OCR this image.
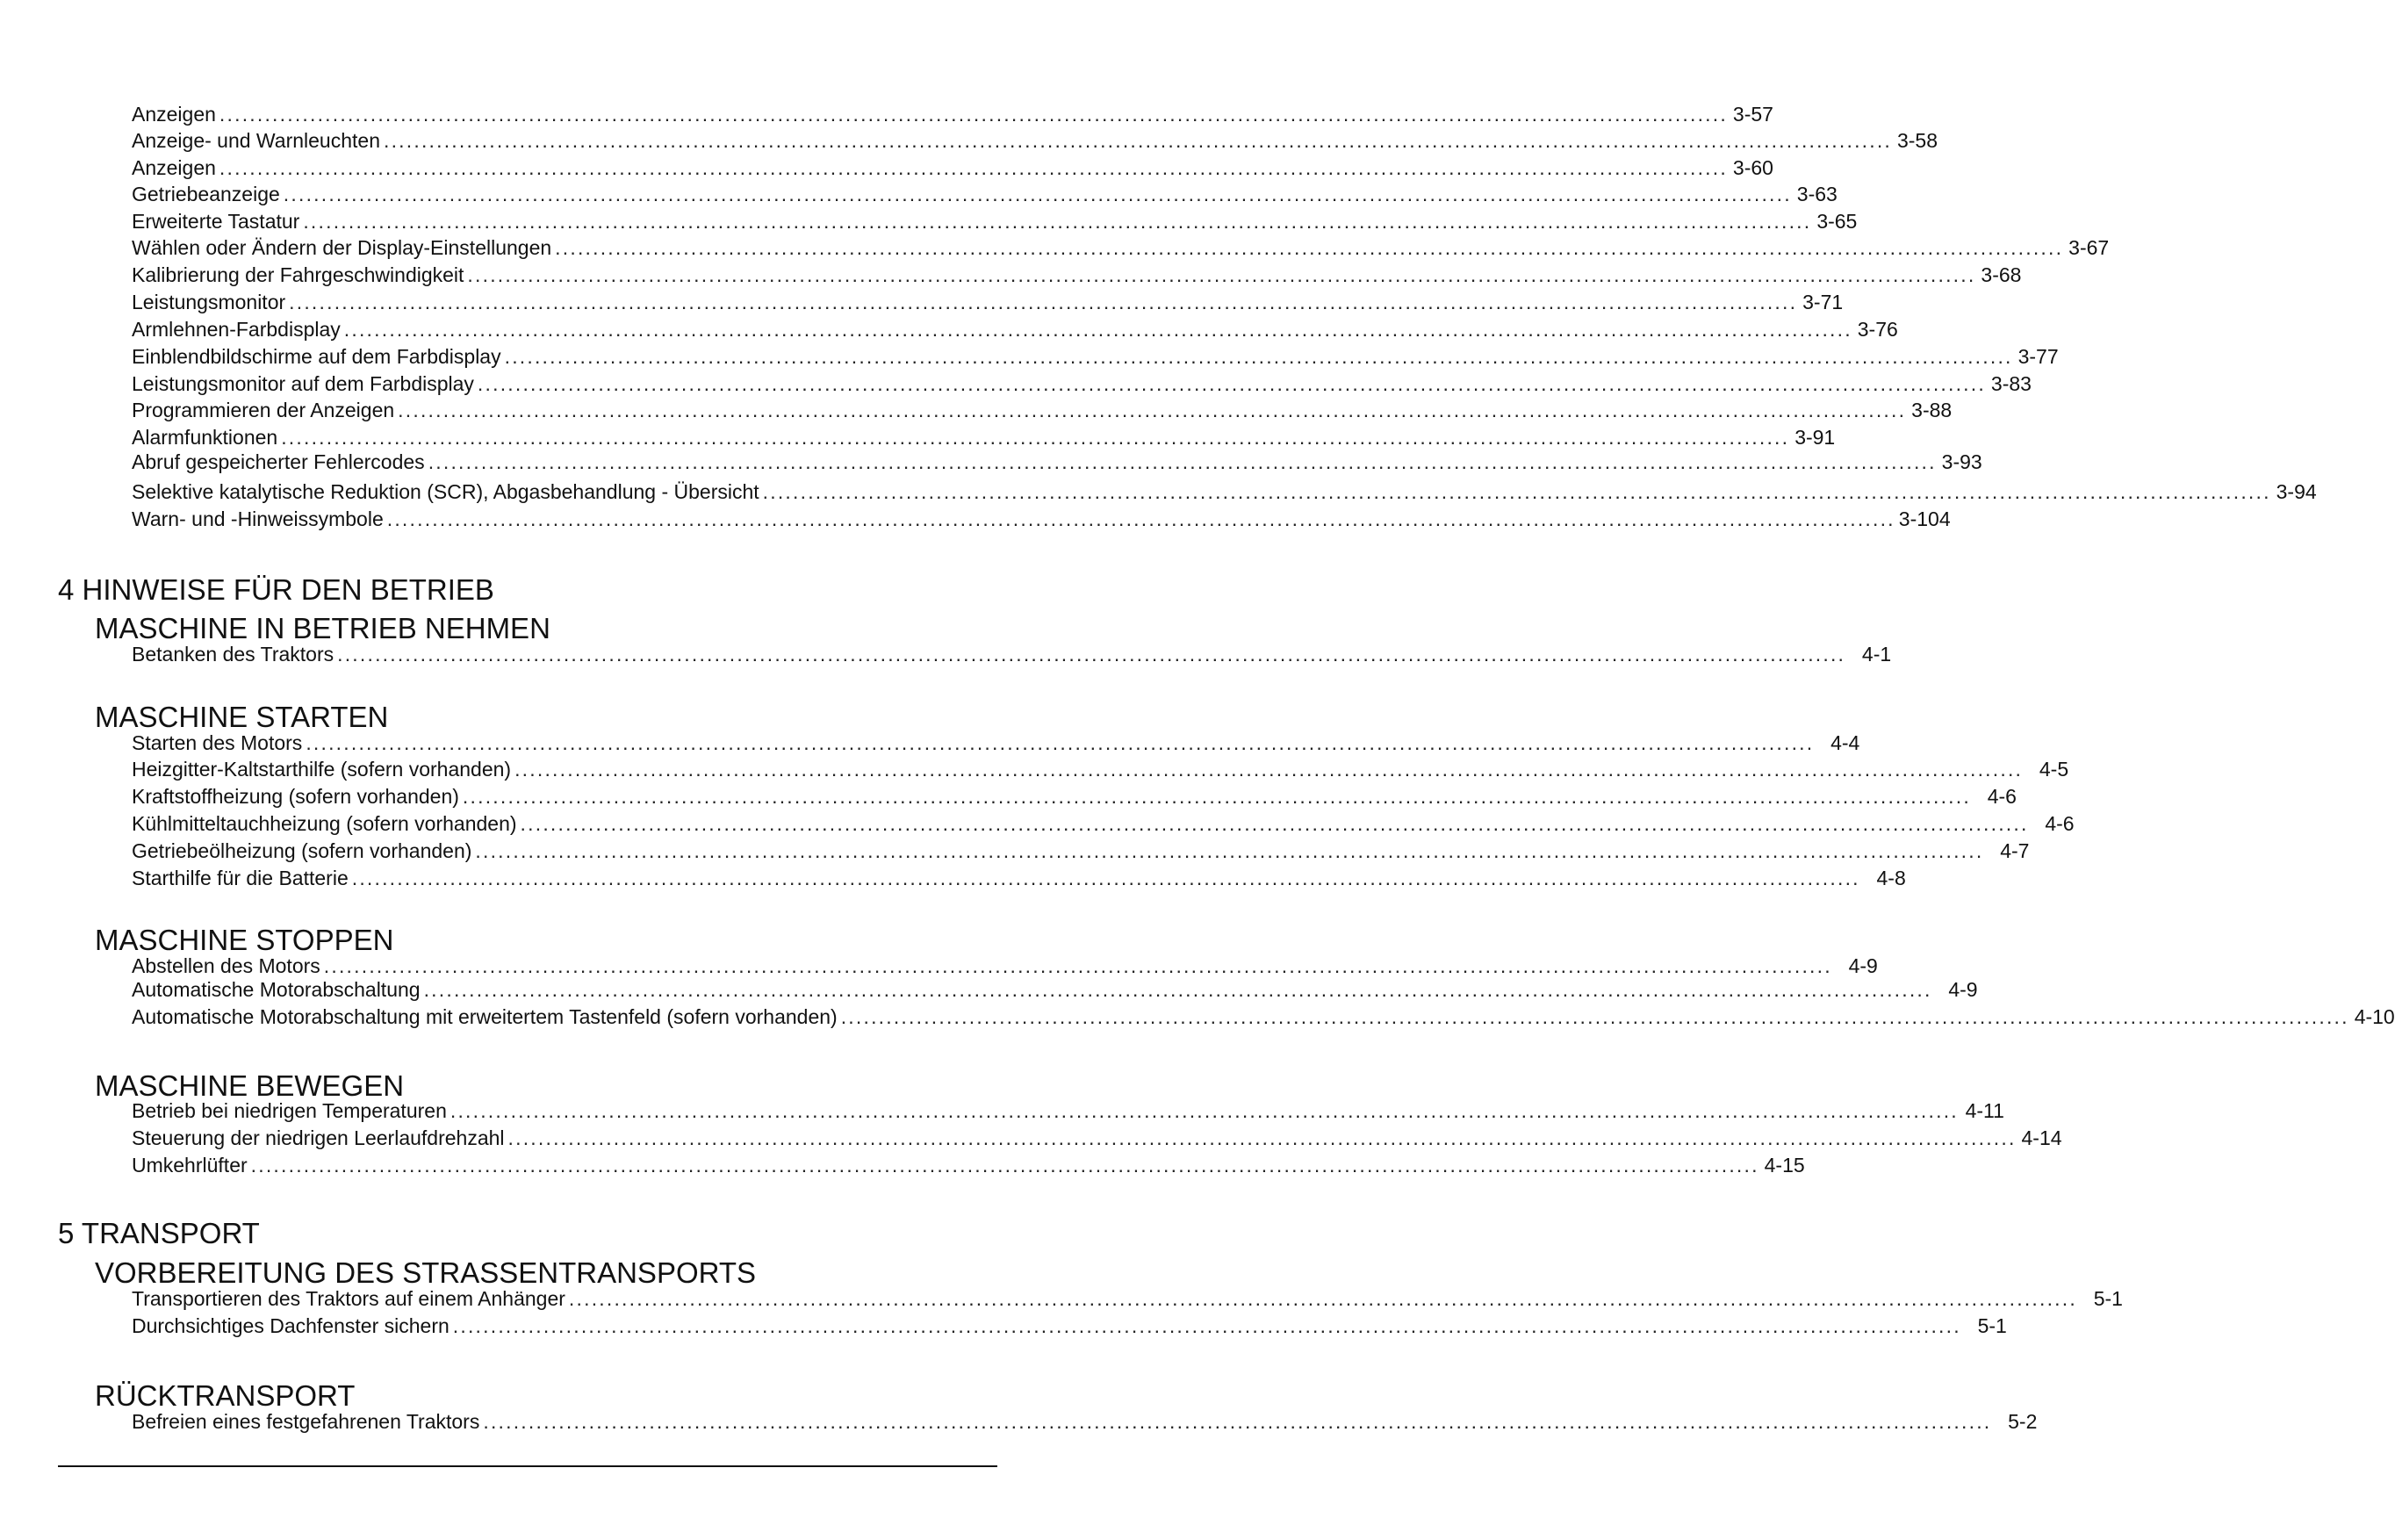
Anzeigen ........................................................................................................................................................................................................ 3-57
Anzeige- und Warnleuchten ........................................................................................................................................................................................................ 3-58
Anzeigen ........................................................................................................................................................................................................ 3-60
Getriebeanzeige ........................................................................................................................................................................................................ 3-63
Erweiterte Tastatur ........................................................................................................................................................................................................ 3-65
Wählen oder Ändern der Display-Einstellungen ........................................................................................................................................................................................................ 3-67
Kalibrierung der Fahrgeschwindigkeit ........................................................................................................................................................................................................ 3-68
Leistungsmonitor ........................................................................................................................................................................................................ 3-71
Armlehnen-Farbdisplay ........................................................................................................................................................................................................ 3-76
Einblendbildschirme auf dem Farbdisplay ........................................................................................................................................................................................................ 3-77
Leistungsmonitor auf dem Farbdisplay ........................................................................................................................................................................................................ 3-83
Programmieren der Anzeigen ........................................................................................................................................................................................................ 3-88
Alarmfunktionen ........................................................................................................................................................................................................ 3-91
Abruf gespeicherter Fehlercodes ........................................................................................................................................................................................................ 3-93
Selektive katalytische Reduktion (SCR), Abgasbehandlung - Übersicht ........................................................................................................................................................................................................ 3-94
Warn- und -Hinweissymbole ........................................................................................................................................................................................................ 3-104
4 HINWEISE FÜR DEN BETRIEB
MASCHINE IN BETRIEB NEHMEN
Betanken des Traktors ........................................................................................................................................................................................................ 4-1
MASCHINE STARTEN
Starten des Motors ........................................................................................................................................................................................................ 4-4
Heizgitter-Kaltstarthilfe (sofern vorhanden) ........................................................................................................................................................................................................ 4-5
Kraftstoffheizung (sofern vorhanden) ........................................................................................................................................................................................................ 4-6
Kühlmitteltauchheizung (sofern vorhanden) ........................................................................................................................................................................................................ 4-6
Getriebeölheizung (sofern vorhanden) ........................................................................................................................................................................................................ 4-7
Starthilfe für die Batterie ........................................................................................................................................................................................................ 4-8
MASCHINE STOPPEN
Abstellen des Motors ........................................................................................................................................................................................................ 4-9
Automatische Motorabschaltung ........................................................................................................................................................................................................ 4-9
Automatische Motorabschaltung mit erweitertem Tastenfeld (sofern vorhanden) ........................................................................................................................................................................................................ 4-10
MASCHINE BEWEGEN
Betrieb bei niedrigen Temperaturen ........................................................................................................................................................................................................ 4-11
Steuerung der niedrigen Leerlaufdrehzahl ........................................................................................................................................................................................................ 4-14
Umkehrlüfter ........................................................................................................................................................................................................ 4-15
5 TRANSPORT
VORBEREITUNG DES STRASSENTRANSPORTS
Transportieren des Traktors auf einem Anhänger ........................................................................................................................................................................................................ 5-1
Durchsichtiges Dachfenster sichern ........................................................................................................................................................................................................ 5-1
RÜCKTRANSPORT
Befreien eines festgefahrenen Traktors ........................................................................................................................................................................................................ 5-2
